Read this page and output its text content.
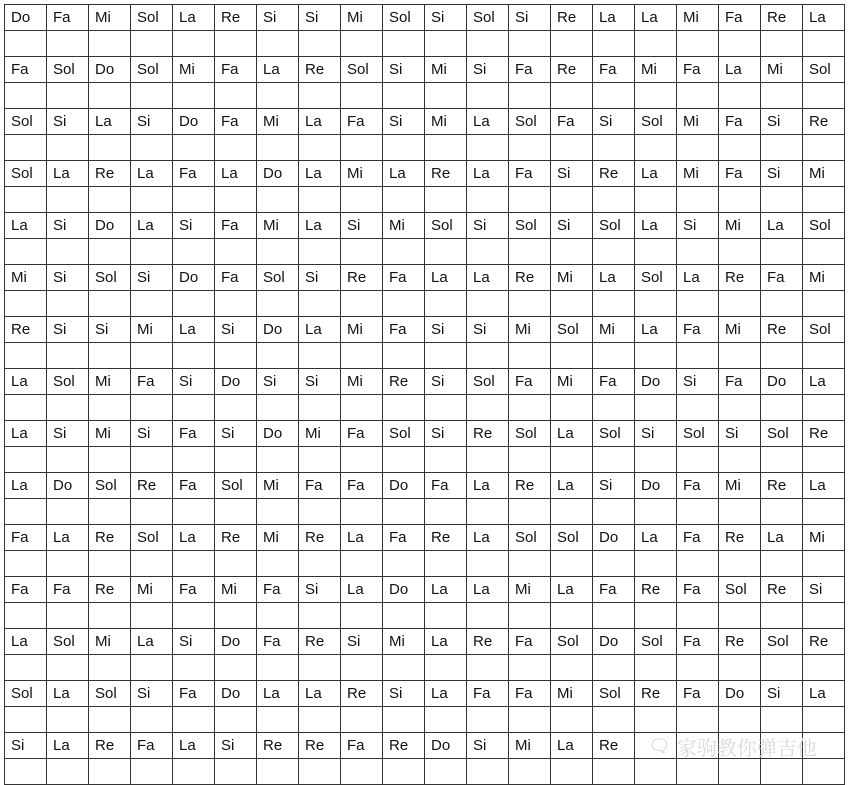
Do	Fa	Mi	Sol	La	Re	Si	Si	Mi	Sol	Si	Sol	Si	Re	La	La	Mi	Fa	Re	La

Fa	Sol	Do	Sol	Mi	Fa	La	Re	Sol	Si	Mi	Si	Fa	Re	Fa	Mi	Fa	La	Mi	Sol

Sol	Si	La	Si	Do	Fa	Mi	La	Fa	Si	Mi	La	Sol	Fa	Si	Sol	Mi	Fa	Si	Re

Sol	La	Re	La	Fa	La	Do	La	Mi	La	Re	La	Fa	Si	Re	La	Mi	Fa	Si	Mi

La	Si	Do	La	Si	Fa	Mi	La	Si	Mi	Sol	Si	Sol	Si	Sol	La	Si	Mi	La	Sol

Mi	Si	Sol	Si	Do	Fa	Sol	Si	Re	Fa	La	La	Re	Mi	La	Sol	La	Re	Fa	Mi

Re	Si	Si	Mi	La	Si	Do	La	Mi	Fa	Si	Si	Mi	Sol	Mi	La	Fa	Mi	Re	Sol

La	Sol	Mi	Fa	Si	Do	Si	Si	Mi	Re	Si	Sol	Fa	Mi	Fa	Do	Si	Fa	Do	La

La	Si	Mi	Si	Fa	Si	Do	Mi	Fa	Sol	Si	Re	Sol	La	Sol	Si	Sol	Si	Sol	Re

La	Do	Sol	Re	Fa	Sol	Mi	Fa	Fa	Do	Fa	La	Re	La	Si	Do	Fa	Mi	Re	La

Fa	La	Re	Sol	La	Re	Mi	Re	La	Fa	Re	La	Sol	Sol	Do	La	Fa	Re	La	Mi

Fa	Fa	Re	Mi	Fa	Mi	Fa	Si	La	Do	La	La	Mi	La	Fa	Re	Fa	Sol	Re	Si

La	Sol	Mi	La	Si	Do	Fa	Re	Si	Mi	La	Re	Fa	Sol	Do	Sol	Fa	Re	Sol	Re

Sol	La	Sol	Si	Fa	Do	La	La	Re	Si	La	Fa	Fa	Mi	Sol	Re	Fa	Do	Si	La

Si	La	Re	Fa	La	Si	Re	Re	Fa	Re	Do	Si	Mi	La	Re					
																			🗨 家驹教你弹吉他
